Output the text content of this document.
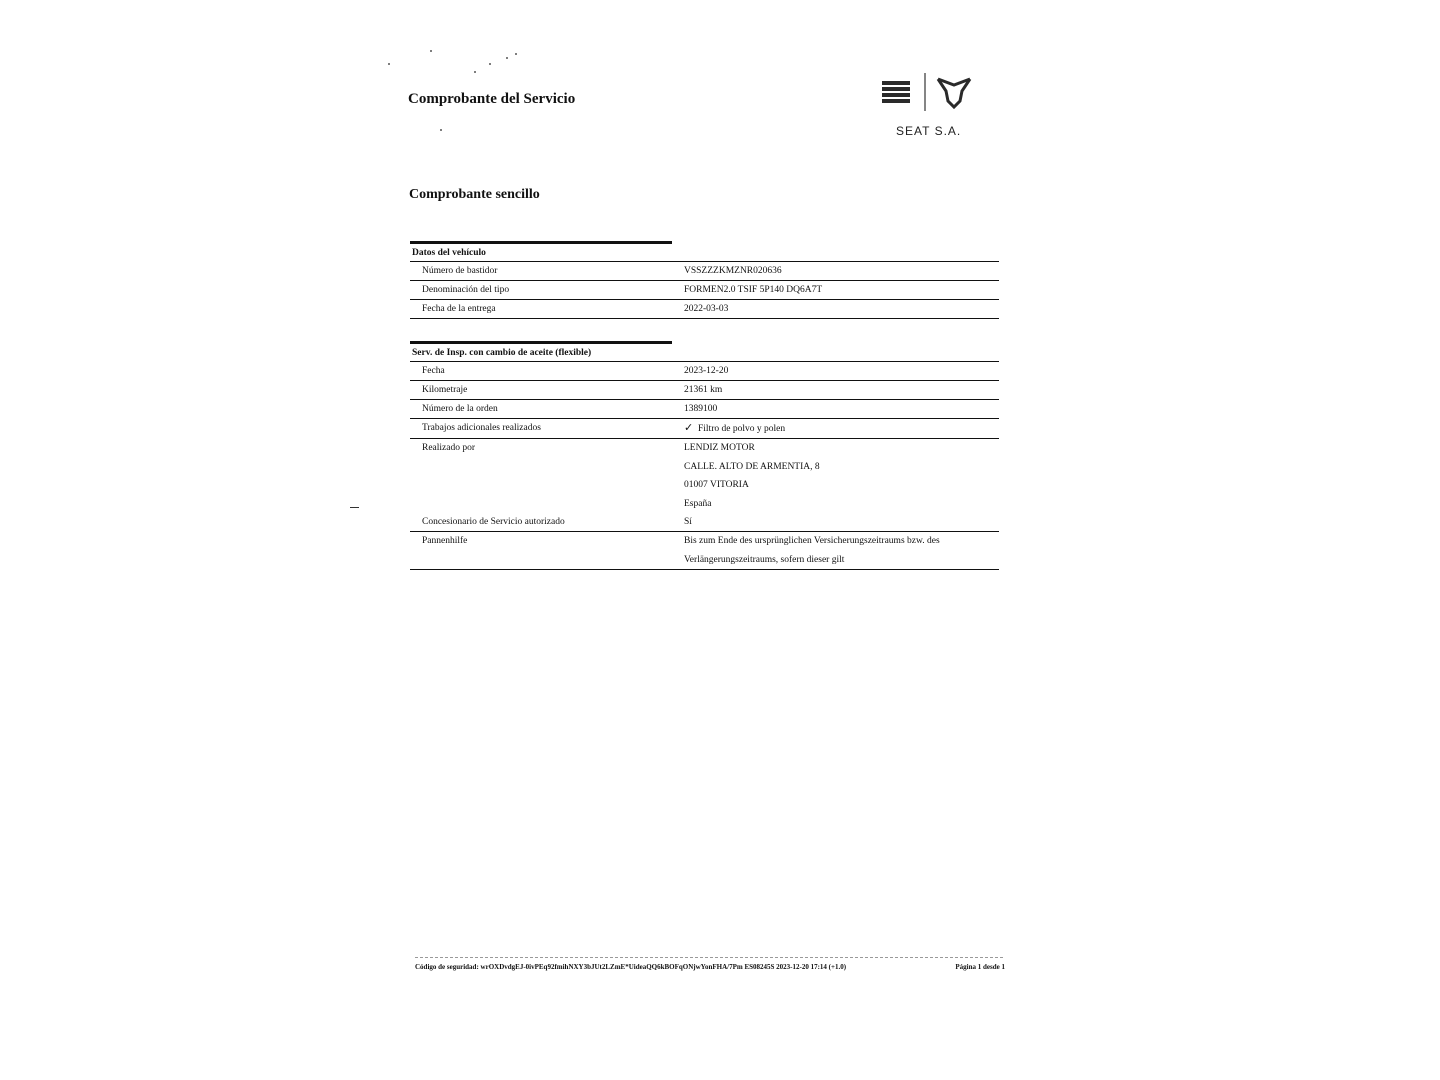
Comprobante del Servicio
SEAT S.A.
Comprobante sencillo
Datos del vehículo
Número de bastidor	VSSZZZKMZNR020636
Denominación del tipo	FORMEN2.0 TSIF 5P140 DQ6A7T
Fecha de la entrega	2022-03-03
Serv. de Insp. con cambio de aceite (flexible)
Fecha	2023-12-20
Kilometraje	21361 km
Número de la orden	1389100
Trabajos adicionales realizados	✓ Filtro de polvo y polen
Realizado por	LENDIZ MOTOR
CALLE. ALTO DE ARMENTIA, 8
01007 VITORIA
España
Concesionario de Servicio autorizado	Sí
Pannenhilfe	Bis zum Ende des ursprünglichen Versicherungszeitraums bzw. des
Verlängerungszeitraums, sofern dieser gilt
Código de seguridad: wrOXDvdgEJ-0ivPEq92fmihNXY3bJUt2LZmE*UideaQQ6kBOFqONjwYonFHA/7Pm ES08245S 2023-12-20 17:14 (+1.0)	Página 1 desde 1
